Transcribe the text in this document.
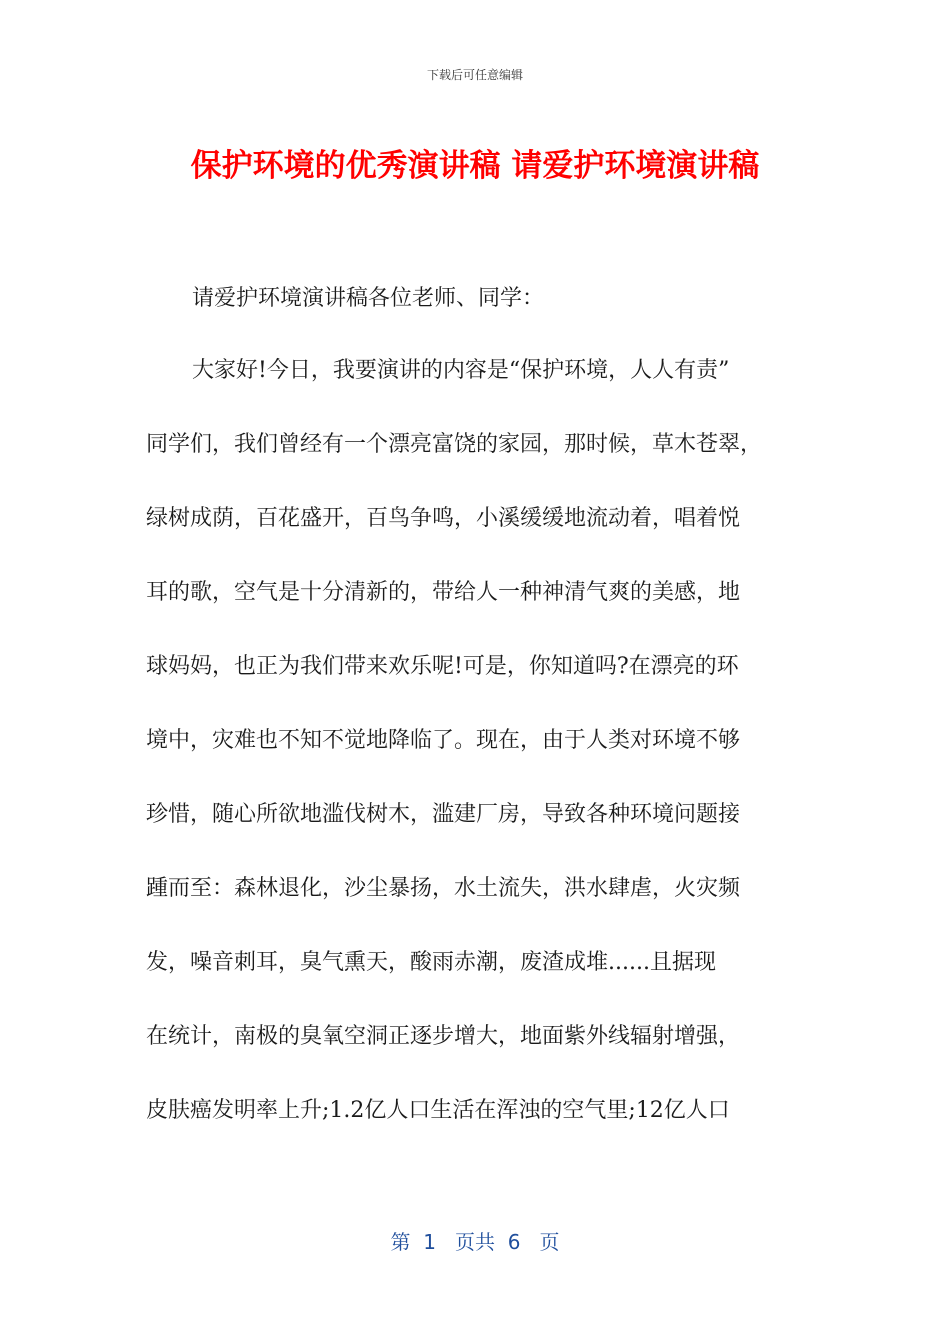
下载后可任意编辑
保护环境的优秀演讲稿 请爱护环境演讲稿
请爱护环境演讲稿各位老师、同学：
大家好!今日，我要演讲的内容是“保护环境，人人有责”
同学们，我们曾经有一个漂亮富饶的家园，那时候，草木苍翠，
绿树成荫，百花盛开，百鸟争鸣，小溪缓缓地流动着，唱着悦
耳的歌，空气是十分清新的，带给人一种神清气爽的美感，地
球妈妈，也正为我们带来欢乐呢!可是，你知道吗?在漂亮的环
境中，灾难也不知不觉地降临了。现在，由于人类对环境不够
珍惜，随心所欲地滥伐树木，滥建厂房，导致各种环境问题接
踵而至：森林退化，沙尘暴扬，水土流失，洪水肆虐，火灾频
发，噪音刺耳，臭气熏天，酸雨赤潮，废渣成堆......且据现
在统计，南极的臭氧空洞正逐步增大，地面紫外线辐射增强，
皮肤癌发明率上升;1.2亿人口生活在浑浊的空气里;12亿人口
第  1   页共  6   页
